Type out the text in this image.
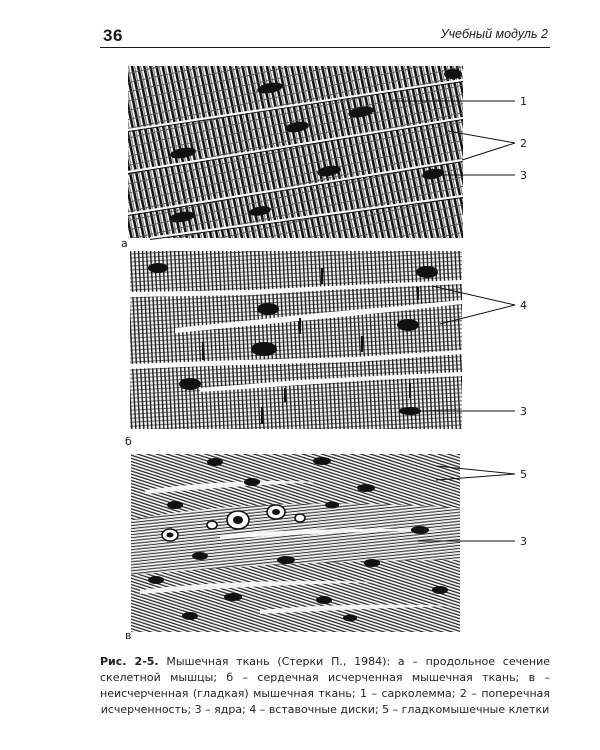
36	Учебный модуль 2
а
б
в
1
2
3
4
3
5
3
Рис. 2-5. Мышечная ткань (Стерки П., 1984): а – продольное сечение скелетной мышцы; б – сердечная исчерченная мышечная ткань; в – неисчерченная (гладкая) мышечная ткань; 1 – сарколемма; 2 – поперечная исчерченность; 3 – ядра; 4 – вставочные диски; 5 – гладкомышечные клетки
